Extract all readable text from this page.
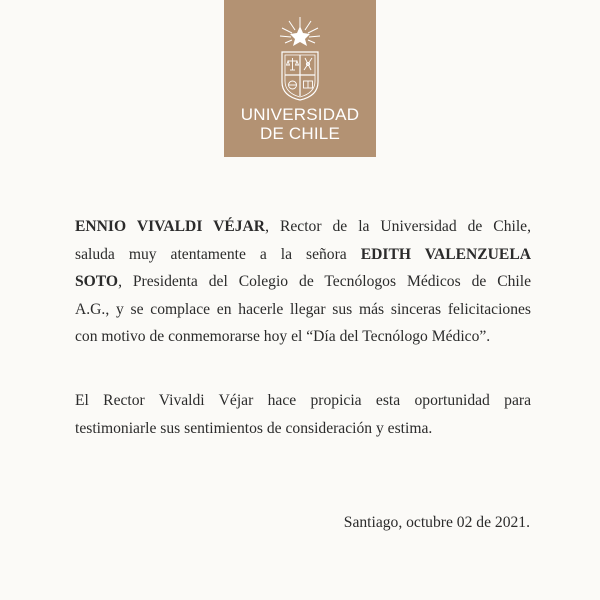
UNIVERSIDAD
DE CHILE
ENNIO VIVALDI VÉJAR, Rector de la Universidad de Chile,
saluda muy atentamente a la señora EDITH VALENZUELA
SOTO, Presidenta del Colegio de Tecnólogos Médicos de Chile
A.G., y se complace en hacerle llegar sus más sinceras felicitaciones
con motivo de conmemorarse hoy el “Día del Tecnólogo Médico”.
El Rector Vivaldi Véjar hace propicia esta oportunidad para
testimoniarle sus sentimientos de consideración y estima.
Santiago, octubre 02 de 2021.
